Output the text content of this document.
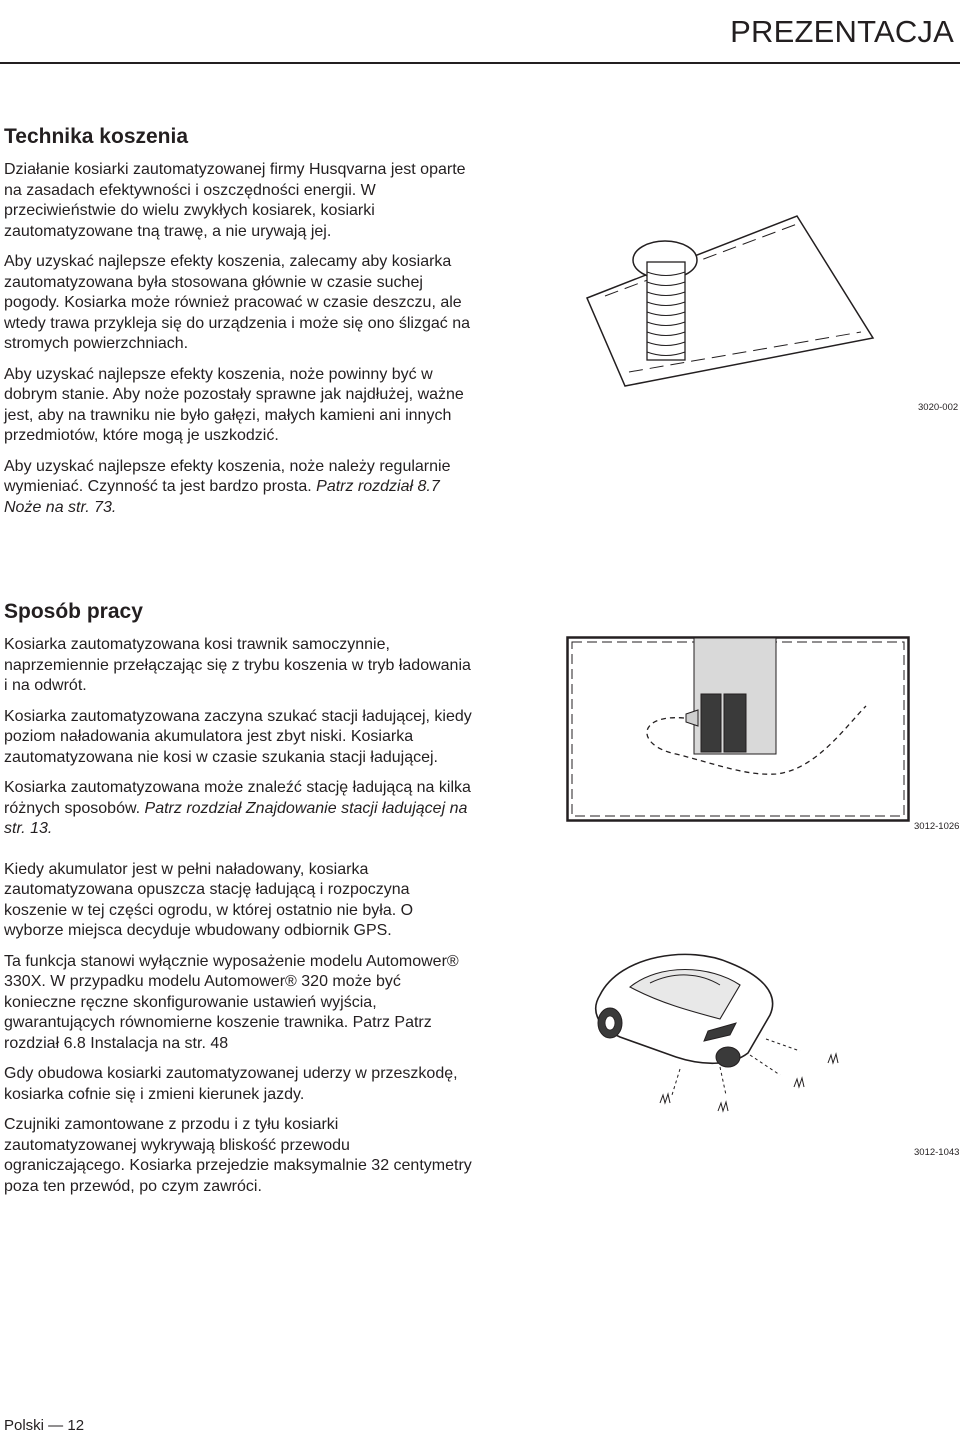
PREZENTACJA
Technika koszenia

Działanie kosiarki zautomatyzowanej firmy Husqvarna jest oparte na zasadach efektywności i oszczędności energii. W przeciwieństwie do wielu zwykłych kosiarek, kosiarki zautomatyzowane tną trawę, a nie urywają jej.

Aby uzyskać najlepsze efekty koszenia, zalecamy aby kosiarka zautomatyzowana była stosowana głównie w czasie suchej pogody. Kosiarka może również pracować w czasie deszczu, ale wtedy trawa przykleja się do urządzenia i może się ono ślizgać na stromych powierzchniach.

Aby uzyskać najlepsze efekty koszenia, noże powinny być w dobrym stanie. Aby noże pozostały sprawne jak najdłużej, ważne jest, aby na trawniku nie było gałęzi, małych kamieni ani innych przedmiotów, które mogą je uszkodzić.

Aby uzyskać najlepsze efekty koszenia, noże należy regularnie wymieniać. Czynność ta jest bardzo prosta. Patrz rozdział 8.7 Noże na str. 73.

3020-002
Sposób pracy

Kosiarka zautomatyzowana kosi trawnik samoczynnie, naprzemiennie przełączając się z trybu koszenia w tryb ładowania i na odwrót.

Kosiarka zautomatyzowana zaczyna szukać stacji ładującej, kiedy poziom naładowania akumulatora jest zbyt niski. Kosiarka zautomatyzowana nie kosi w czasie szukania stacji ładującej.

Kosiarka zautomatyzowana może znaleźć stację ładującą na kilka różnych sposobów. Patrz rozdział Znajdowanie stacji ładującej na str. 13.

Kiedy akumulator jest w pełni naładowany, kosiarka zautomatyzowana opuszcza stację ładującą i rozpoczyna koszenie w tej części ogrodu, w której ostatnio nie była. O wyborze miejsca decyduje wbudowany odbiornik GPS.

Ta funkcja stanowi wyłącznie wyposażenie modelu Automower® 330X. W przypadku modelu Automower® 320 może być konieczne ręczne skonfigurowanie ustawień wyjścia, gwarantujących równomierne koszenie trawnika. Patrz Patrz rozdział 6.8 Instalacja na str. 48

Gdy obudowa kosiarki zautomatyzowanej uderzy w przeszkodę, kosiarka cofnie się i zmieni kierunek jazdy.

Czujniki zamontowane z przodu i z tyłu kosiarki zautomatyzowanej wykrywają bliskość przewodu ograniczającego. Kosiarka przejedzie maksymalnie 32 centymetry poza ten przewód, po czym zawróci.

3012-1026
3012-1043
Polski — 12
